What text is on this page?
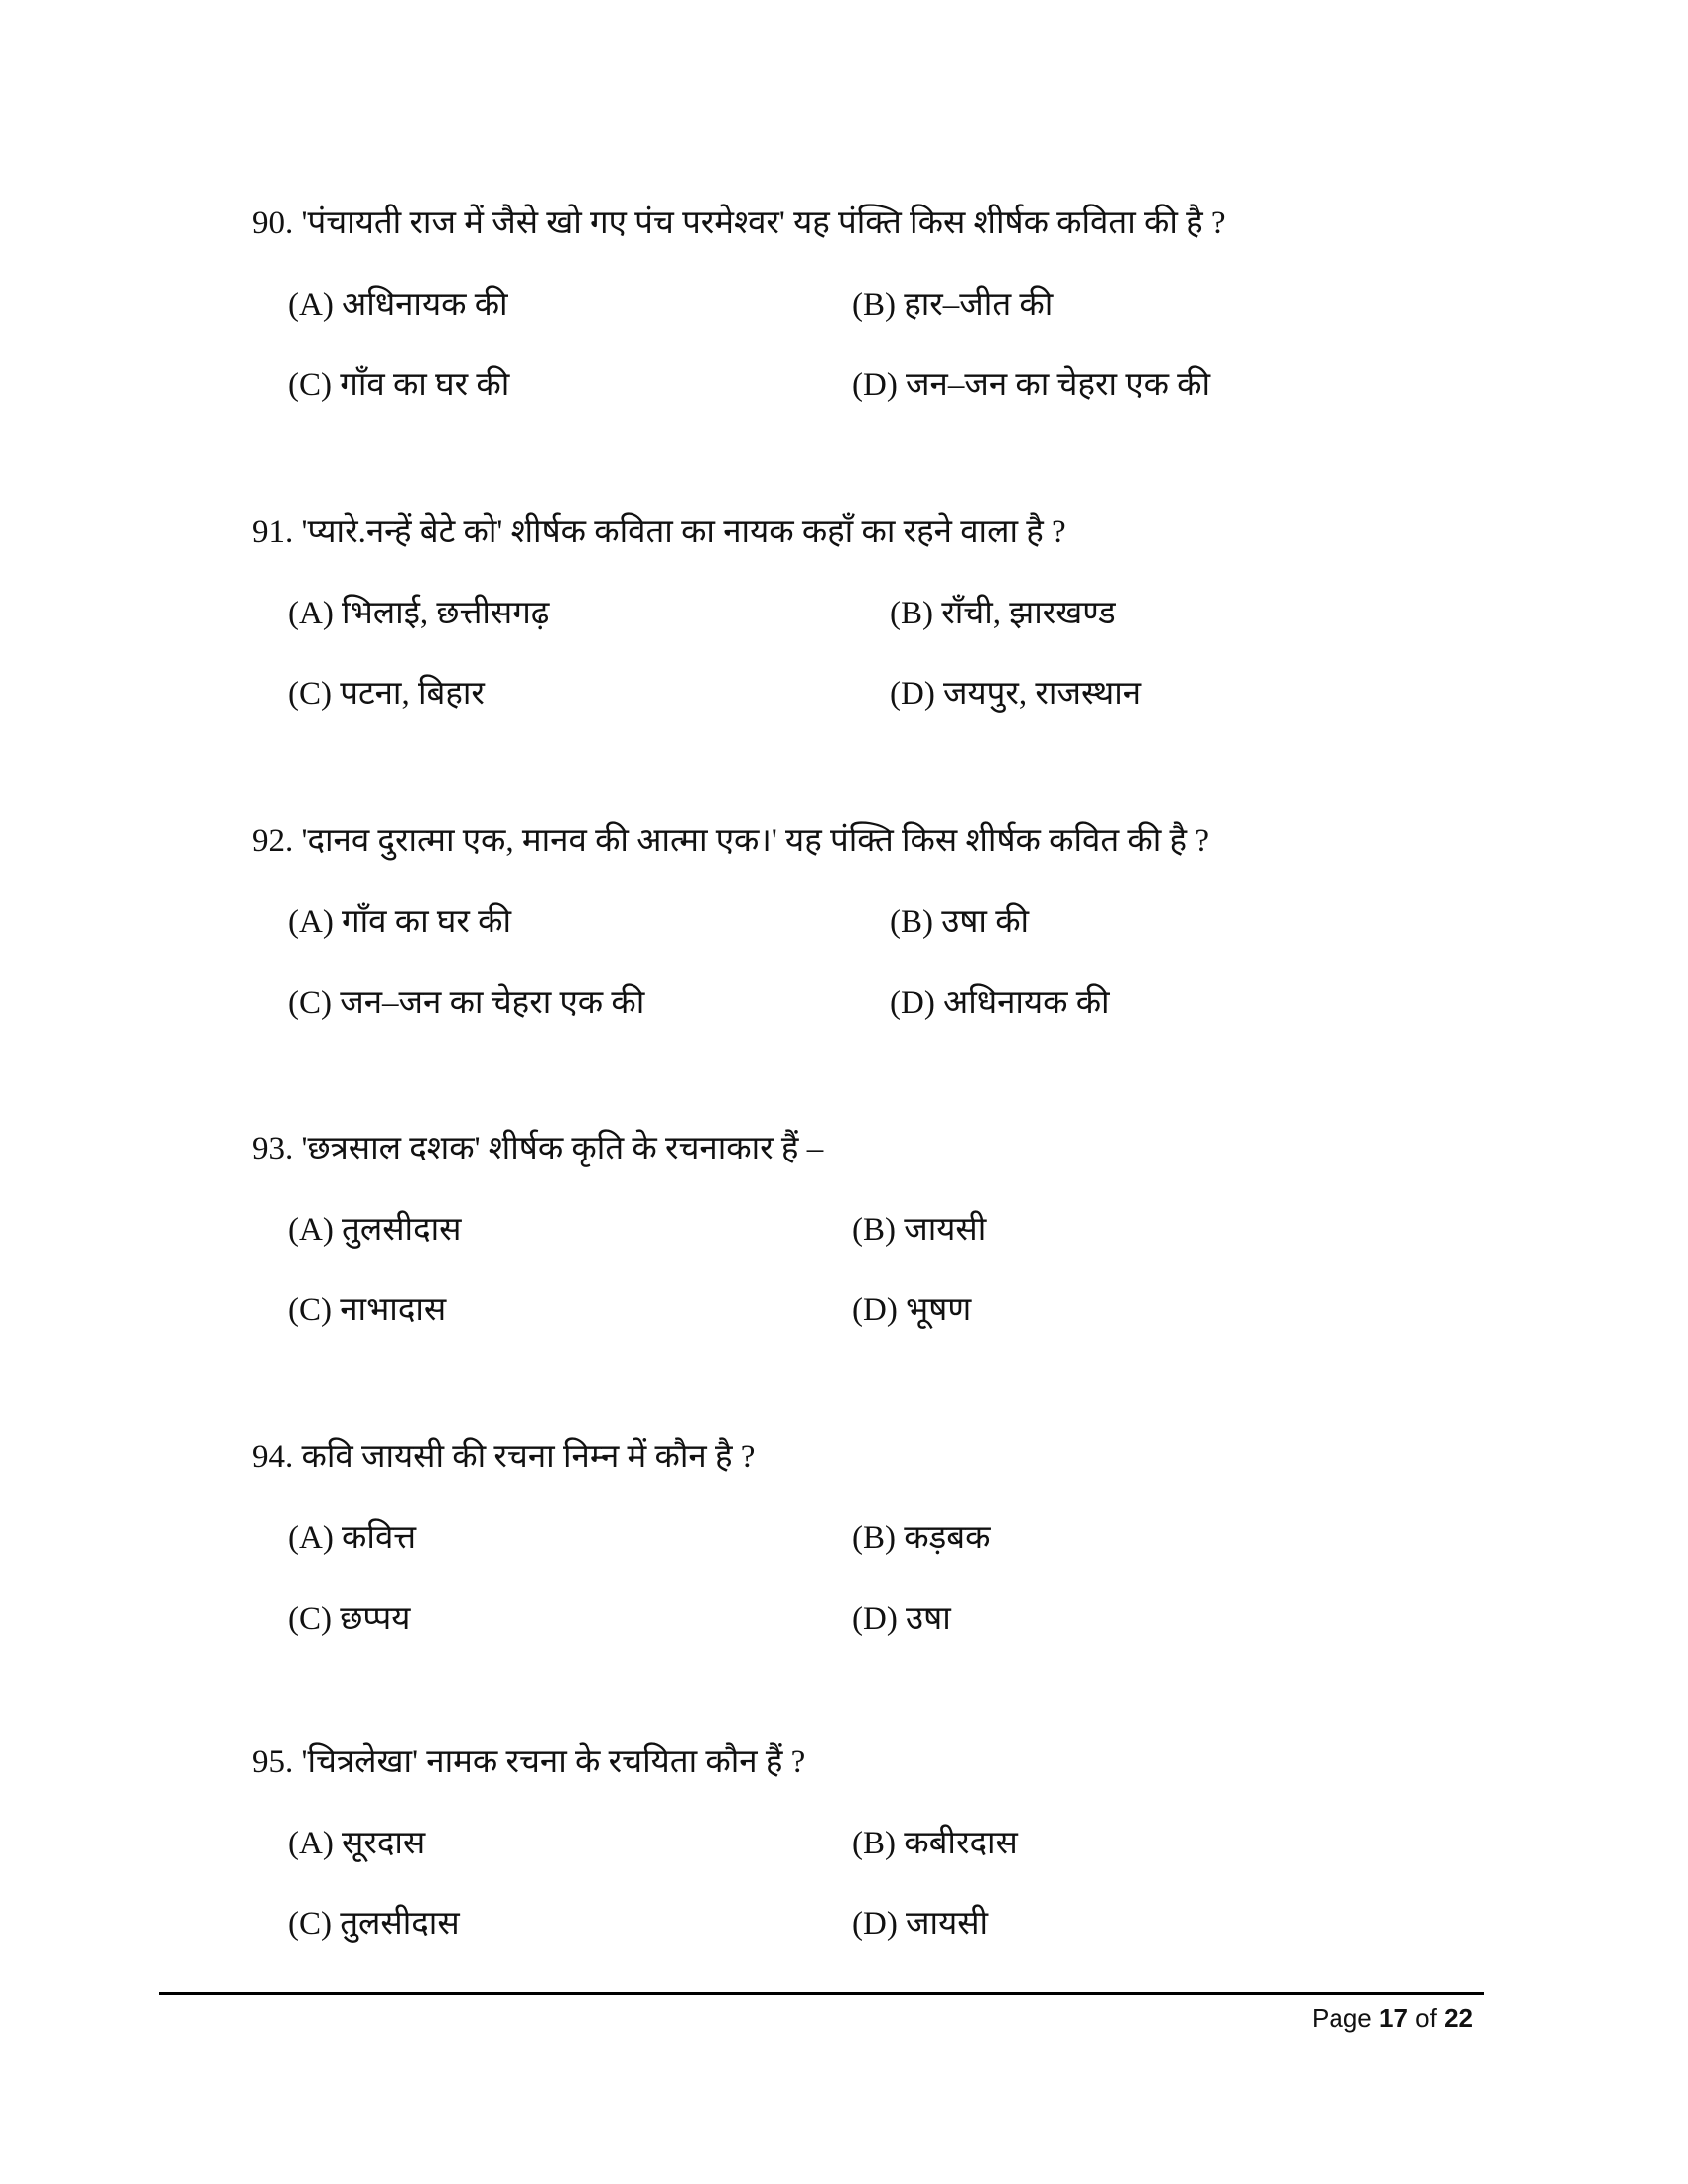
90. 'पंचायती राज में जैसे खो गए पंच परमेश्वर' यह पंक्ति किस शीर्षक कविता की है ?
(A) अधिनायक की	(B) हार–जीत की
(C) गाँव का घर की	(D) जन–जन का चेहरा एक की
91. 'प्यारे.नन्हें बेटे को' शीर्षक कविता का नायक कहाँ का रहने वाला है ?
(A) भिलाई, छत्तीसगढ़	(B) राँची, झारखण्ड
(C) पटना, बिहार	(D) जयपुर, राजस्थान
92. 'दानव दुरात्मा एक, मानव की आत्मा एक।' यह पंक्ति किस शीर्षक कवित की है ?
(A) गाँव का घर की	(B) उषा की
(C) जन–जन का चेहरा एक की	(D) अधिनायक की
93. 'छत्रसाल दशक' शीर्षक कृति के रचनाकार हैं –
(A) तुलसीदास	(B) जायसी
(C) नाभादास	(D) भूषण
94. कवि जायसी की रचना निम्न में कौन है ?
(A) कवित्त	(B) कड़बक
(C) छप्पय	(D) उषा
95. 'चित्रलेखा' नामक रचना के रचयिता कौन हैं ?
(A) सूरदास	(B) कबीरदास
(C) तुलसीदास	(D) जायसी
Page 17 of 22
